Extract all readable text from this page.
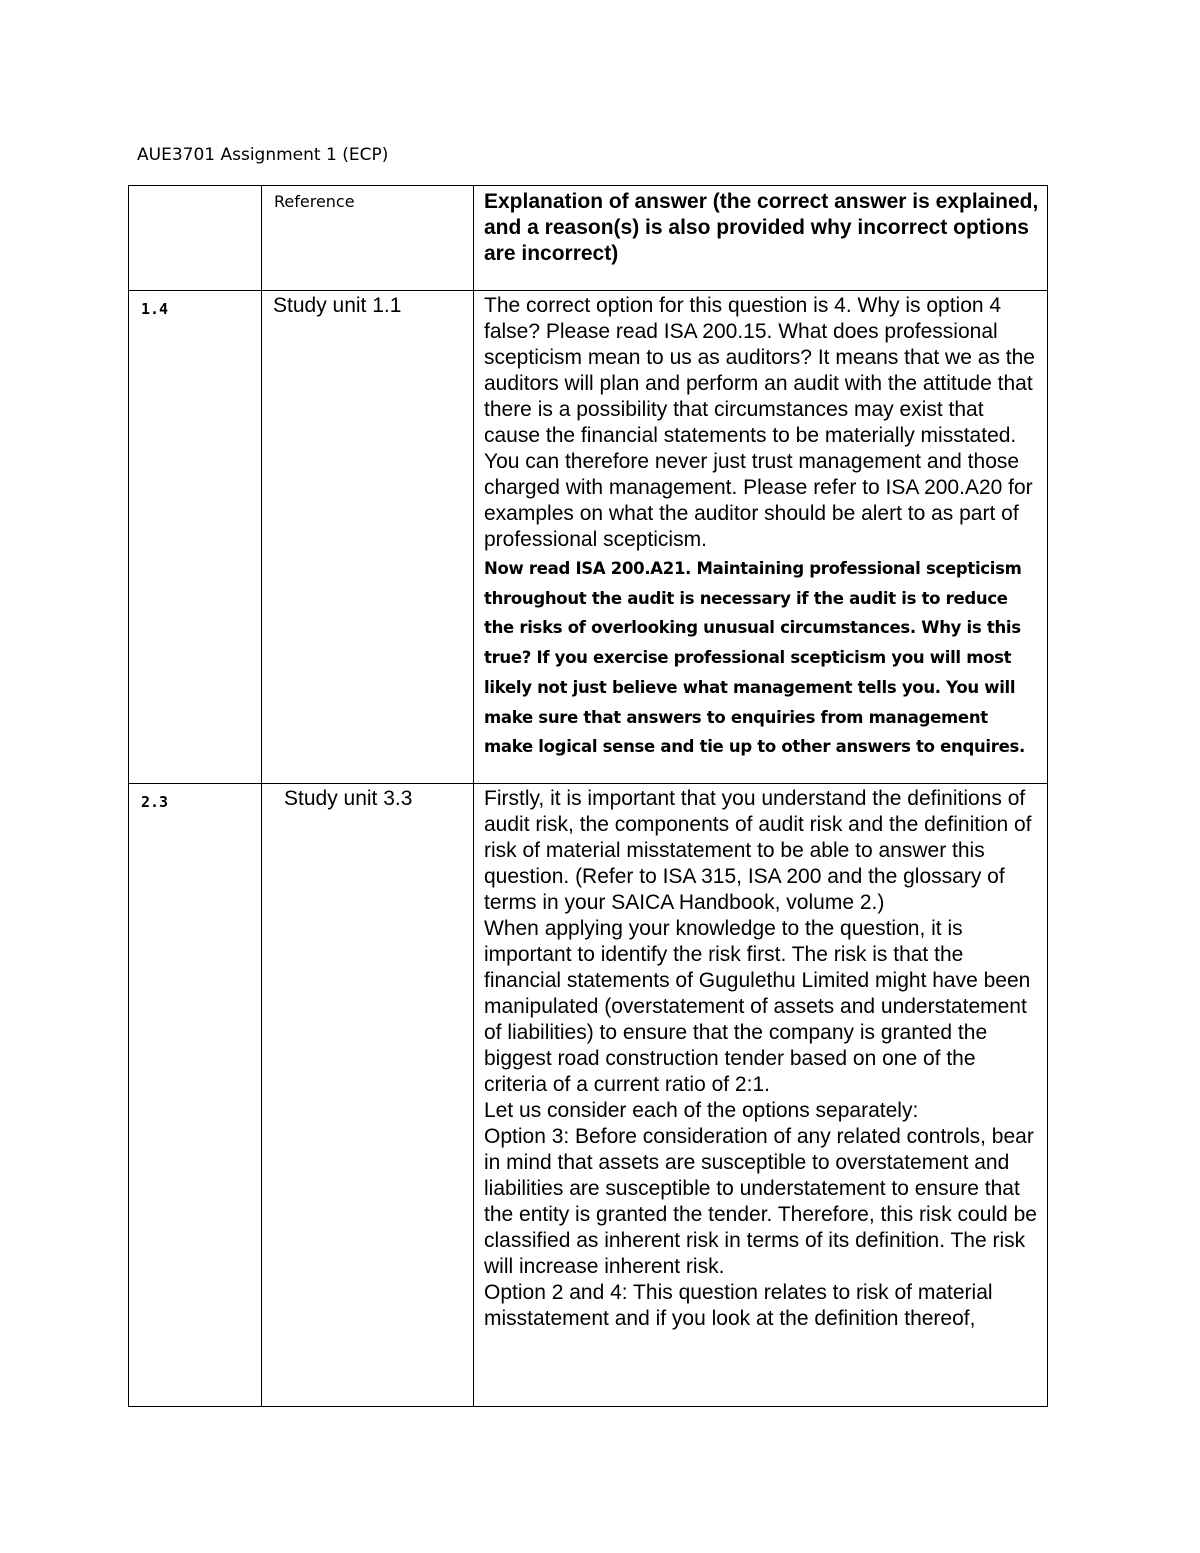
AUE3701 Assignment 1 (ECP)

	Reference	Explanation of answer (the correct answer is explained, and a reason(s) is also provided why incorrect options are incorrect)

1.4	Study unit 1.1	The correct option for this question is 4. Why is option 4 false? Please read ISA 200.15. What does professional scepticism mean to us as auditors? It means that we as the auditors will plan and perform an audit with the attitude that there is a possibility that circumstances may exist that cause the financial statements to be materially misstated. You can therefore never just trust management and those charged with management. Please refer to ISA 200.A20 for examples on what the auditor should be alert to as part of professional scepticism.

Now read ISA 200.A21. Maintaining professional scepticism throughout the audit is necessary if the audit is to reduce the risks of overlooking unusual circumstances. Why is this true? If you exercise professional scepticism you will most likely not just believe what management tells you. You will make sure that answers to enquiries from management make logical sense and tie up to other answers to enquires.

2.3	Study unit 3.3	Firstly, it is important that you understand the definitions of audit risk, the components of audit risk and the definition of risk of material misstatement to be able to answer this question. (Refer to ISA 315, ISA 200 and the glossary of terms in your SAICA Handbook, volume 2.)

When applying your knowledge to the question, it is important to identify the risk first. The risk is that the financial statements of Gugulethu Limited might have been manipulated (overstatement of assets and understatement of liabilities) to ensure that the company is granted the biggest road construction tender based on one of the criteria of a current ratio of 2:1.

Let us consider each of the options separately:

Option 3: Before consideration of any related controls, bear in mind that assets are susceptible to overstatement and liabilities are susceptible to understatement to ensure that the entity is granted the tender. Therefore, this risk could be classified as inherent risk in terms of its definition. The risk will increase inherent risk.

Option 2 and 4: This question relates to risk of material misstatement and if you look at the definition thereof,
